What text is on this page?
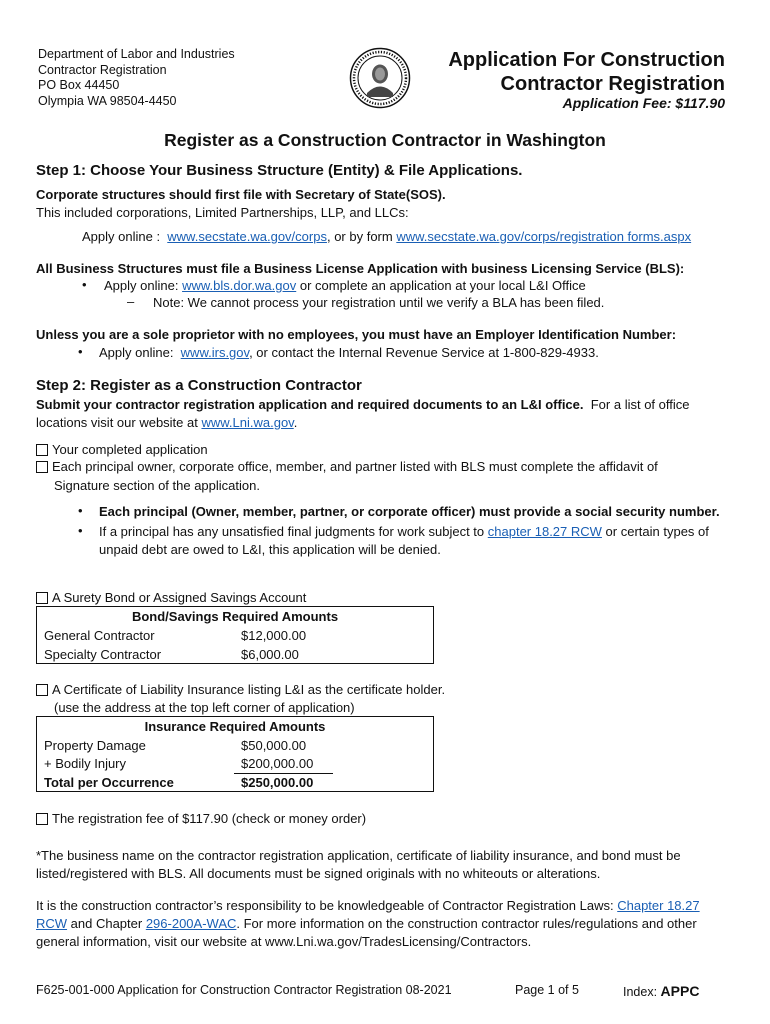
Department of Labor and Industries
Contractor Registration
PO Box 44450
Olympia WA 98504-4450
Application For Construction
Contractor Registration
Application Fee: $117.90
Register as a Construction Contractor in Washington
Step 1: Choose Your Business Structure (Entity) & File Applications.
Corporate structures should first file with Secretary of State(SOS).
This included corporations, Limited Partnerships, LLP, and LLCs:
Apply online :  www.secstate.wa.gov/corps, or by form www.secstate.wa.gov/corps/registration forms.aspx
All Business Structures must file a Business License Application with business Licensing Service (BLS):
• Apply online: www.bls.dor.wa.gov or complete an application at your local L&I Office
– Note: We cannot process your registration until we verify a BLA has been filed.
Unless you are a sole proprietor with no employees, you must have an Employer Identification Number:
• Apply online:  www.irs.gov, or contact the Internal Revenue Service at 1-800-829-4933.
Step 2: Register as a Construction Contractor
Submit your contractor registration application and required documents to an L&I office.  For a list of office
locations visit our website at www.Lni.wa.gov.
Your completed application
Each principal owner, corporate office, member, and partner listed with BLS must complete the affidavit of
Signature section of the application.
• Each principal (Owner, member, partner, or corporate officer) must provide a social security number.
• If a principal has any unsatisfied final judgments for work subject to chapter 18.27 RCW or certain types of
unpaid debt are owed to L&I, this application will be denied.
A Surety Bond or Assigned Savings Account
Bond/Savings Required Amounts
General Contractor	$12,000.00
Specialty Contractor	$6,000.00
A Certificate of Liability Insurance listing L&I as the certificate holder.
(use the address at the top left corner of application)
Insurance Required Amounts
Property Damage	$50,000.00
+ Bodily Injury	$200,000.00
Total per Occurrence	$250,000.00
The registration fee of $117.90 (check or money order)
*The business name on the contractor registration application, certificate of liability insurance, and bond must be
listed/registered with BLS. All documents must be signed originals with no whiteouts or alterations.
It is the construction contractor’s responsibility to be knowledgeable of Contractor Registration Laws: Chapter 18.27
RCW and Chapter 296-200A-WAC. For more information on the construction contractor rules/regulations and other
general information, visit our website at www.Lni.wa.gov/TradesLicensing/Contractors.
F625-001-000 Application for Construction Contractor Registration 08-2021	Page 1 of 5	Index: APPC
